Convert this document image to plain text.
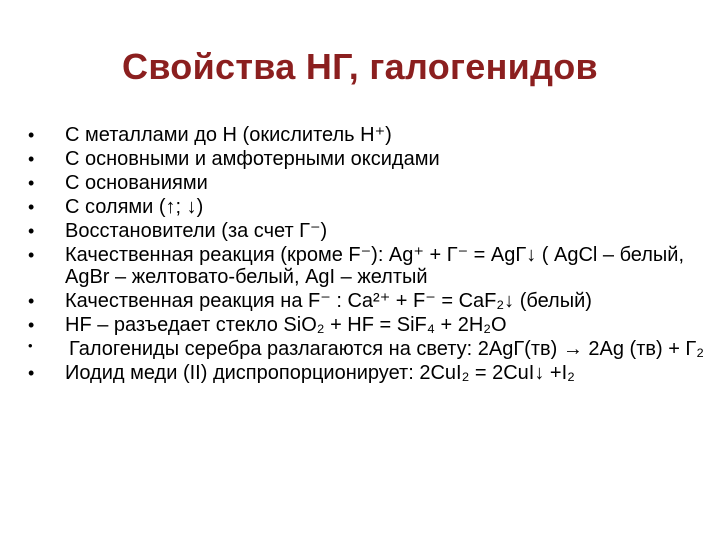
Свойства НГ, галогенидов
• С металлами до Н (окислитель Н⁺)
• С основными и амфотерными оксидами
• С основаниями
• С солями (↑; ↓)
• Восстановители (за счет Г⁻)
• Качественная реакция (кроме F⁻): Ag⁺ + Г⁻ = AgГ↓ ( AgCl – белый, AgBr – желтовато-белый, AgI – желтый
• Качественная реакция на F⁻ : Ca²⁺ + F⁻ = CaF₂↓ (белый)
• HF – разъедает стекло SiO₂ + HF = SiF₄ + 2H₂O
• Галогениды серебра разлагаются на свету: 2AgГ(тв) → 2Ag (тв) + Г₂
• Иодид меди (II) диспропорционирует: 2CuI₂ = 2CuI↓ +I₂
